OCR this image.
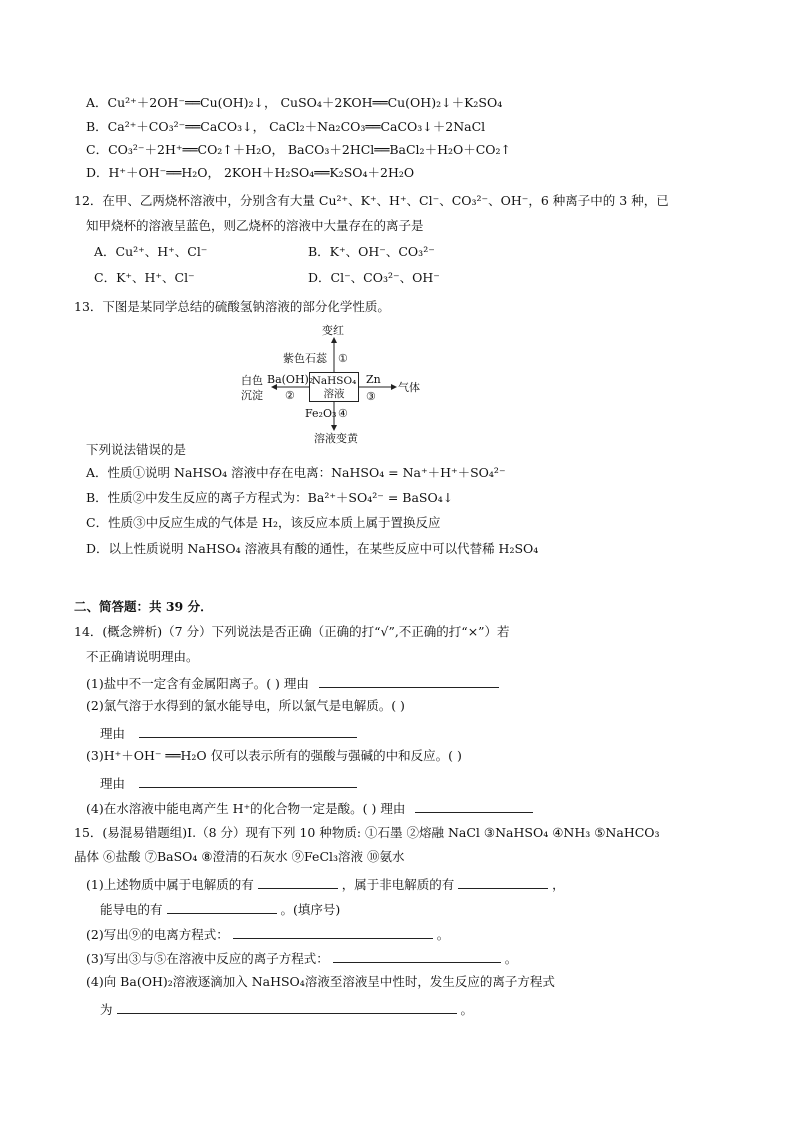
A．Cu²⁺＋2OH⁻══Cu(OH)₂↓， CuSO₄＋2KOH══Cu(OH)₂↓＋K₂SO₄
B．Ca²⁺＋CO₃²⁻══CaCO₃↓， CaCl₂＋Na₂CO₃══CaCO₃↓＋2NaCl
C．CO₃²⁻＋2H⁺══CO₂↑＋H₂O， BaCO₃＋2HCl══BaCl₂＋H₂O＋CO₂↑
D．H⁺＋OH⁻══H₂O， 2KOH＋H₂SO₄══K₂SO₄＋2H₂O
12．在甲、乙两烧杯溶液中，分别含有大量 Cu²⁺、K⁺、H⁺、Cl⁻、CO₃²⁻、OH⁻，6 种离子中的 3 种，已
知甲烧杯的溶液呈蓝色，则乙烧杯的溶液中大量存在的离子是
A．Cu²⁺、H⁺、Cl⁻	B．K⁺、OH⁻、CO₃²⁻
C．K⁺、H⁺、Cl⁻	D．Cl⁻、CO₃²⁻、OH⁻
13．下图是某同学总结的硫酸氢钠溶液的部分化学性质。
变红
紫色石蕊 ①
NaHSO₄
溶液
Ba(OH)₂
②
白色
沉淀
Zn
③
气体
Fe₂O₃ ④
溶液变黄
下列说法错误的是
A．性质①说明 NaHSO₄ 溶液中存在电离：NaHSO₄ = Na⁺＋H⁺＋SO₄²⁻
B．性质②中发生反应的离子方程式为：Ba²⁺＋SO₄²⁻ = BaSO₄↓
C．性质③中反应生成的气体是 H₂，该反应本质上属于置换反应
D．以上性质说明 NaHSO₄ 溶液具有酸的通性，在某些反应中可以代替稀 H₂SO₄
二、简答题：共 39 分．
14．(概念辨析)（7 分）下列说法是否正确（正确的打“√”,不正确的打“×”）若
不正确请说明理由。
(1)盐中不一定含有金属阳离子。( ) 理由
(2)氯气溶于水得到的氯水能导电，所以氯气是电解质。( )
理由
(3)H⁺＋OH⁻ ══H₂O 仅可以表示所有的强酸与强碱的中和反应。( )
理由
(4)在水溶液中能电离产生 H⁺的化合物一定是酸。( ) 理由
15．(易混易错题组)Ⅰ.（8 分）现有下列 10 种物质: ①石墨 ②熔融 NaCl ③NaHSO₄ ④NH₃ ⑤NaHCO₃
晶体 ⑥盐酸 ⑦BaSO₄ ⑧澄清的石灰水 ⑨FeCl₃溶液 ⑩氨水
(1)上述物质中属于电解质的有	，属于非电解质的有	，
能导电的有	。(填序号)
(2)写出⑨的电离方程式：	。
(3)写出③与⑤在溶液中反应的离子方程式：	。
(4)向 Ba(OH)₂溶液逐滴加入 NaHSO₄溶液至溶液呈中性时，发生反应的离子方程式
为	。
